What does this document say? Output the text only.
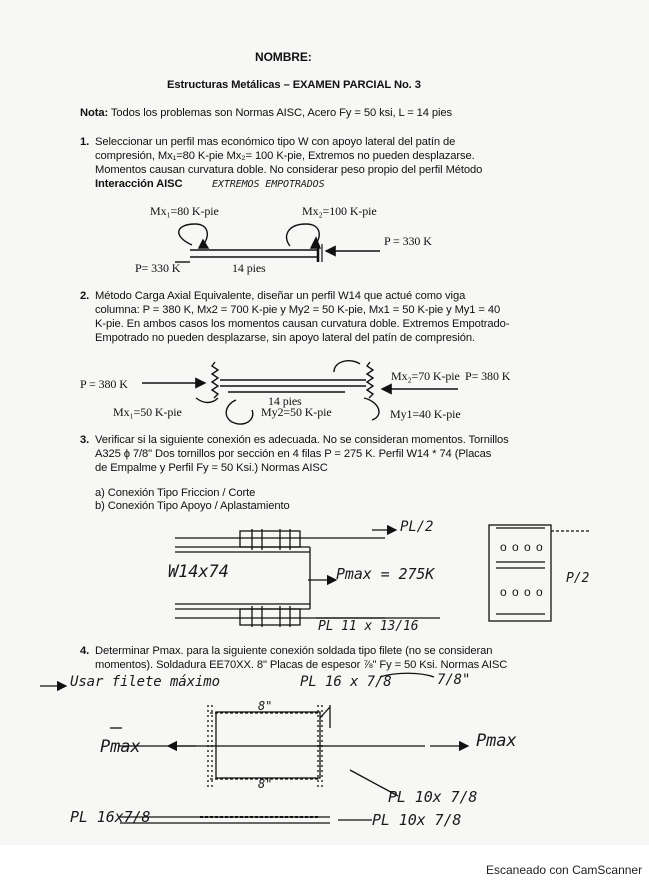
NOMBRE:
Estructuras Metálicas – EXAMEN PARCIAL No. 3
Nota: Todos los problemas son Normas AISC, Acero Fy = 50 ksi, L = 14 pies
1. Seleccionar un perfil mas económico tipo W con apoyo lateral del patín de
compresión, Mx₁=80 K-pie Mx₂= 100 K-pie, Extremos no pueden desplazarse.
Momentos causan curvatura doble. No considerar peso propio del perfil Método
Interacción AISC	EXTREMOS EMPOTRADOS
Mx₁=80 K-pie	Mx₂=100 K-pie
P = 330 K
P= 330 K	14 pies
2. Método Carga Axial Equivalente, diseñar un perfil W14 que actué como viga
columna: P = 380 K, Mx2 = 700 K-pie y My2 = 50 K-pie, Mx1 = 50 K-pie y My1 = 40
K-pie. En ambos casos los momentos causan curvatura doble. Extremos Empotrado-
Empotrado no pueden desplazarse, sin apoyo lateral del patín de compresión.
P = 380 K
Mx₂=70 K-pie P= 380 K
14 pies
Mx₁=50 K-pie	My2=50 K-pie	My1=40 K-pie
3. Verificar si la siguiente conexión es adecuada. No se consideran momentos. Tornillos
A325 ϕ 7/8" Dos tornillos por sección en 4 filas P = 275 K. Perfil W14 * 74 (Placas
de Empalme y Perfil Fy = 50 Ksi.) Normas AISC
a) Conexión Tipo Friccion / Corte
b) Conexión Tipo Apoyo / Aplastamiento
PL/2
W14x74	Pmax = 275K	P/2
PL 11 x 13/16
o o o o
o o o o
4. Determinar Pmax. para la siguiente conexión soldada tipo filete (no se consideran
momentos). Soldadura EE70XX. 8" Placas de espesor ⅞" Fy = 50 Ksi. Normas AISC
Usar filete máximo	PL 16 x 7/8	7/8"
8"
Pmax	Pmax
8"
PL 10x 7/8
PL 16x7/8	PL 10x 7/8
Escaneado con CamScanner
